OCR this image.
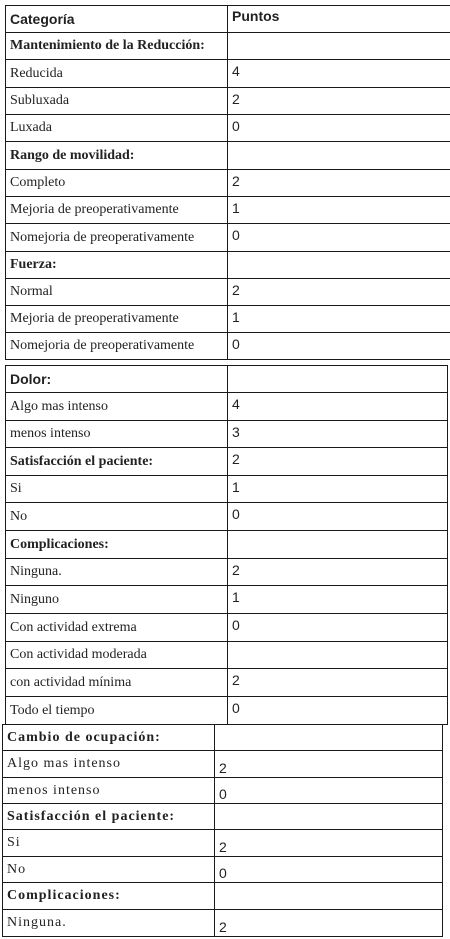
Categoría	Puntos
Mantenimiento de la Reducción:	
Reducida	4
Subluxada	2
Luxada	0
Rango de movilidad:	
Completo	2
Mejoria de preoperativamente	1
Nomejoria de preoperativamente	0
Fuerza:	
Normal	2
Mejoria de preoperativamente	1
Nomejoria de preoperativamente	0
Dolor:	
Algo mas intenso	4
menos intenso	3
Satisfacción el paciente:	2
Si	1
No	0
Complicaciones:	
Ninguna.	2
Ninguno	1
Con actividad extrema	0
Con actividad moderada	
con actividad mínima	2
Todo el tiempo	0
Cambio de ocupación:	
Algo mas intenso	2
menos intenso	0
Satisfacción el paciente:	
Si	2
No	0
Complicaciones:	
Ninguna.	2
